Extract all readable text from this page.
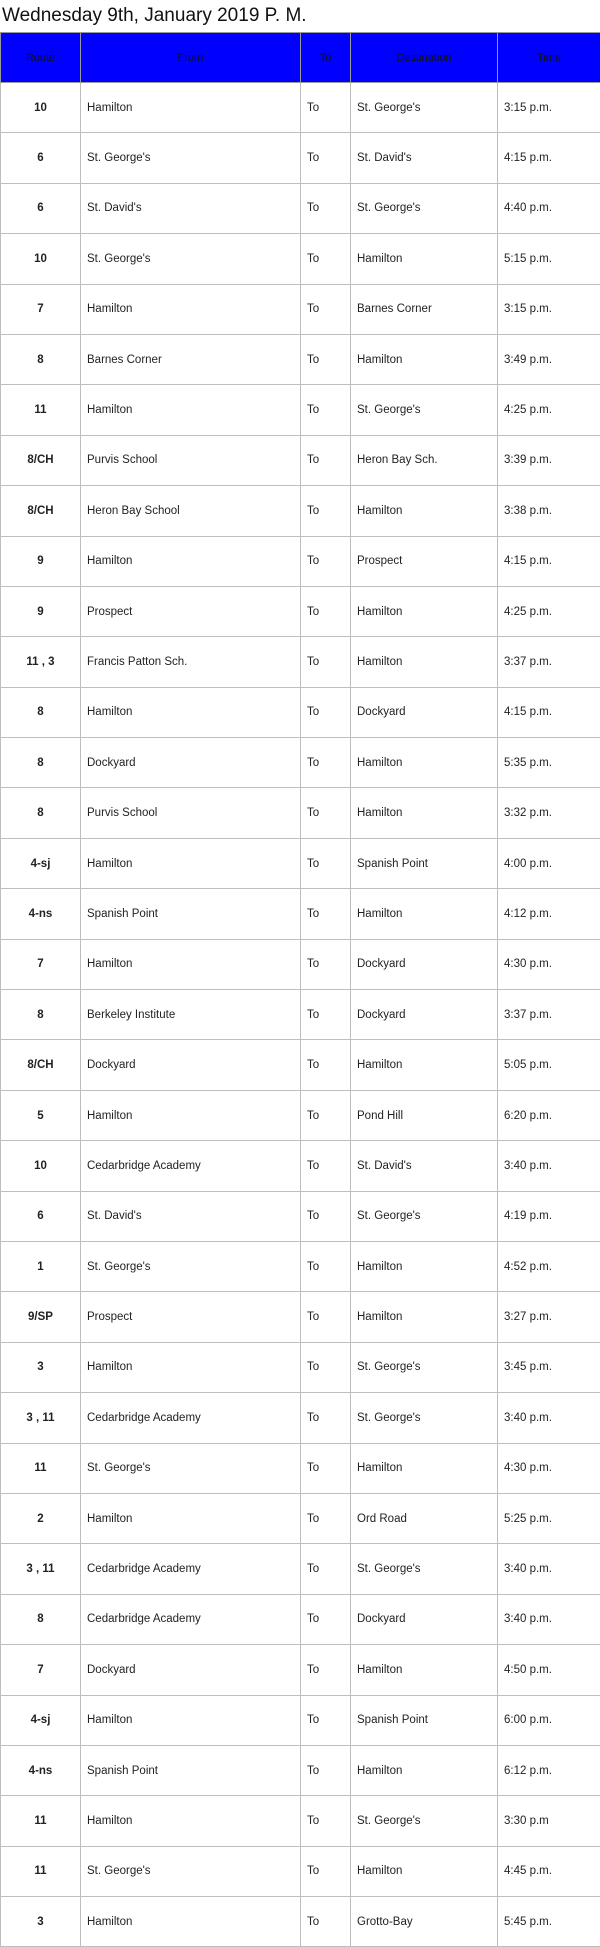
Wednesday 9th, January 2019 P. M.
Route	From	To	Destination	Time
10	Hamilton	To	St. George's	3:15 p.m.
6	St. George's	To	St. David's	4:15 p.m.
6	St. David's	To	St. George's	4:40 p.m.
10	St. George's	To	Hamilton	5:15 p.m.
7	Hamilton	To	Barnes Corner	3:15 p.m.
8	Barnes Corner	To	Hamilton	3:49 p.m.
11	Hamilton	To	St. George's	4:25 p.m.
8/CH	Purvis School	To	Heron Bay Sch.	3:39 p.m.
8/CH	Heron Bay School	To	Hamilton	3:38 p.m.
9	Hamilton	To	Prospect	4:15 p.m.
9	Prospect	To	Hamilton	4:25 p.m.
11 , 3	Francis Patton Sch.	To	Hamilton	3:37 p.m.
8	Hamilton	To	Dockyard	4:15 p.m.
8	Dockyard	To	Hamilton	5:35 p.m.
8	Purvis School	To	Hamilton	3:32 p.m.
4-sj	Hamilton	To	Spanish Point	4:00 p.m.
4-ns	Spanish Point	To	Hamilton	4:12 p.m.
7	Hamilton	To	Dockyard	4:30 p.m.
8	Berkeley Institute	To	Dockyard	3:37 p.m.
8/CH	Dockyard	To	Hamilton	5:05 p.m.
5	Hamilton	To	Pond Hill	6:20 p.m.
10	Cedarbridge Academy	To	St. David's	3:40 p.m.
6	St. David's	To	St. George's	4:19 p.m.
1	St. George's	To	Hamilton	4:52 p.m.
9/SP	Prospect	To	Hamilton	3:27 p.m.
3	Hamilton	To	St. George's	3:45 p.m.
3 , 11	Cedarbridge Academy	To	St. George's	3:40 p.m.
11	St. George's	To	Hamilton	4:30 p.m.
2	Hamilton	To	Ord Road	5:25 p.m.
3 , 11	Cedarbridge Academy	To	St. George's	3:40 p.m.
8	Cedarbridge Academy	To	Dockyard	3:40 p.m.
7	Dockyard	To	Hamilton	4:50 p.m.
4-sj	Hamilton	To	Spanish Point	6:00 p.m.
4-ns	Spanish Point	To	Hamilton	6:12 p.m.
11	Hamilton	To	St. George's	3:30 p.m
11	St. George's	To	Hamilton	4:45 p.m.
3	Hamilton	To	Grotto-Bay	5:45 p.m.
